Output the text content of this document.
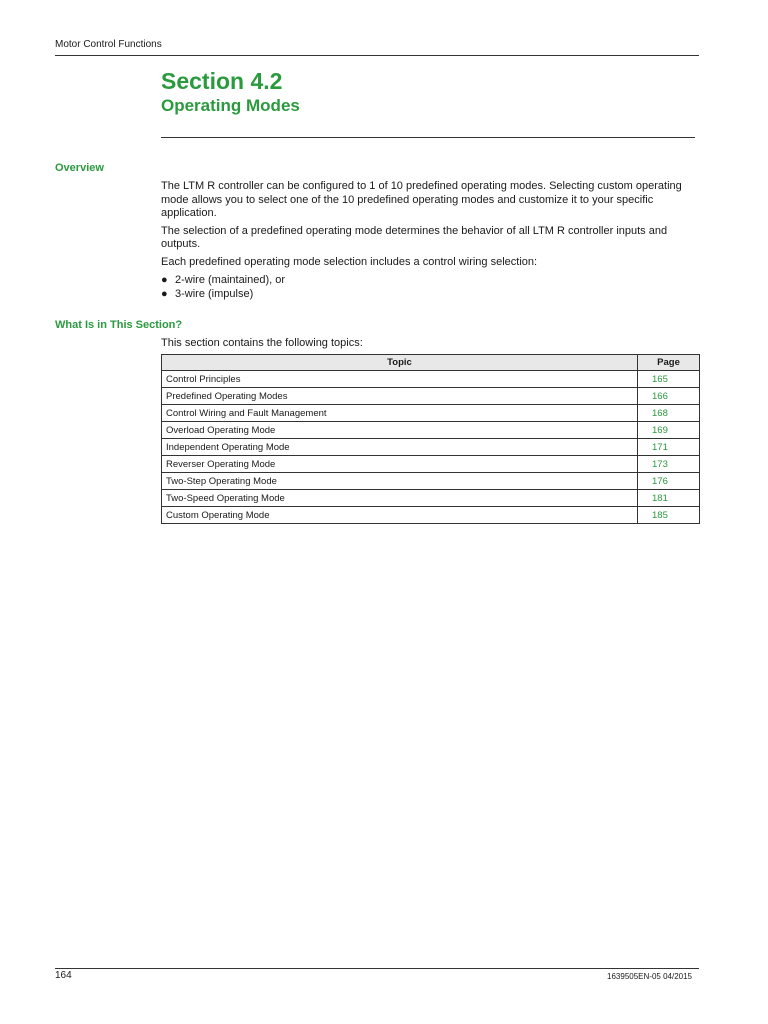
Motor Control Functions
Section 4.2
Operating Modes
Overview

The LTM R controller can be configured to 1 of 10 predefined operating modes. Selecting custom operating mode allows you to select one of the 10 predefined operating modes and customize it to your specific application.

The selection of a predefined operating mode determines the behavior of all LTM R controller inputs and outputs.

Each predefined operating mode selection includes a control wiring selection:

● 2-wire (maintained), or
● 3-wire (impulse)
What Is in This Section?

This section contains the following topics:

Topic	Page
Control Principles	165
Predefined Operating Modes	166
Control Wiring and Fault Management	168
Overload Operating Mode	169
Independent Operating Mode	171
Reverser Operating Mode	173
Two-Step Operating Mode	176
Two-Speed Operating Mode	181
Custom Operating Mode	185
164	1639505EN-05 04/2015
